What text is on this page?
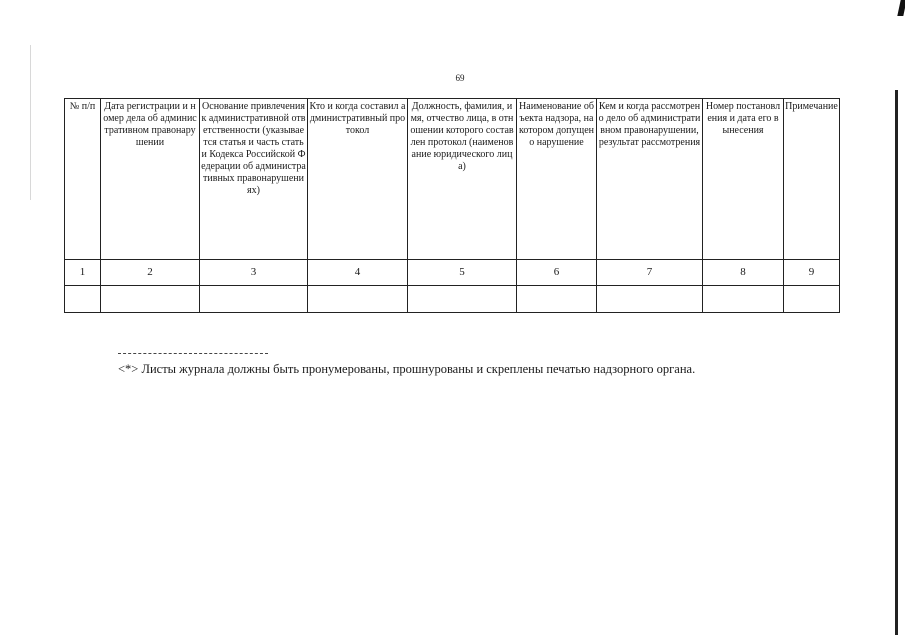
69
№ п/п	Дата регистрации и номер дела об административном правонарушении	Основание привлечения к административной ответственности (указывается статья и часть статьи Кодекса Российской Федерации об административных правонарушениях)	Кто и когда составил административный протокол	Должность, фамилия, имя, отчество лица, в отношении которого составлен протокол (наименование юридического лица)	Наименование объекта надзора, на котором допущено нарушение	Кем и когда рассмотрено дело об административном правонарушении, результат рассмотрения	Номер постановления и дата его вынесения	Примечание
1	2	3	4	5	6	7	8	9

<*> Листы журнала должны быть пронумерованы, прошнурованы и скреплены печатью надзорного органа.
